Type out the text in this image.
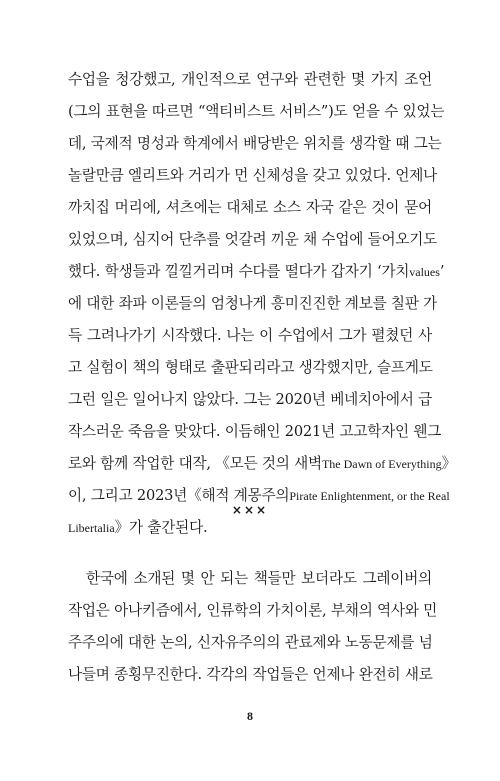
수업을 청강했고, 개인적으로 연구와 관련한 몇 가지 조언
(그의 표현을 따르면 “액티비스트 서비스”)도 얻을 수 있었는
데, 국제적 명성과 학계에서 배당받은 위치를 생각할 때 그는
놀랄만큼 엘리트와 거리가 먼 신체성을 갖고 있었다. 언제나
까치집 머리에, 셔츠에는 대체로 소스 자국 같은 것이 묻어
있었으며, 심지어 단추를 엇갈려 끼운 채 수업에 들어오기도
했다. 학생들과 낄낄거리며 수다를 떨다가 갑자기 ‘가치values’
에 대한 좌파 이론들의 엄청나게 흥미진진한 계보를 칠판 가
득 그려나가기 시작했다. 나는 이 수업에서 그가 펼쳤던 사
고 실험이 책의 형태로 출판되리라고 생각했지만, 슬프게도
그런 일은 일어나지 않았다. 그는 2020년 베네치아에서 급
작스러운 죽음을 맞았다. 이듬해인 2021년 고고학자인 웬그
로와 함께 작업한 대작, 《모든 것의 새벽The Dawn of Everything》
이, 그리고 2023년《해적 계몽주의Pirate Enlightenment, or the Real
Libertalia》가 출간된다.
×××
한국에 소개된 몇 안 되는 책들만 보더라도 그레이버의
작업은 아나키즘에서, 인류학의 가치이론, 부채의 역사와 민
주주의에 대한 논의, 신자유주의의 관료제와 노동문제를 넘
나들며 종횡무진한다. 각각의 작업들은 언제나 완전히 새로
8
